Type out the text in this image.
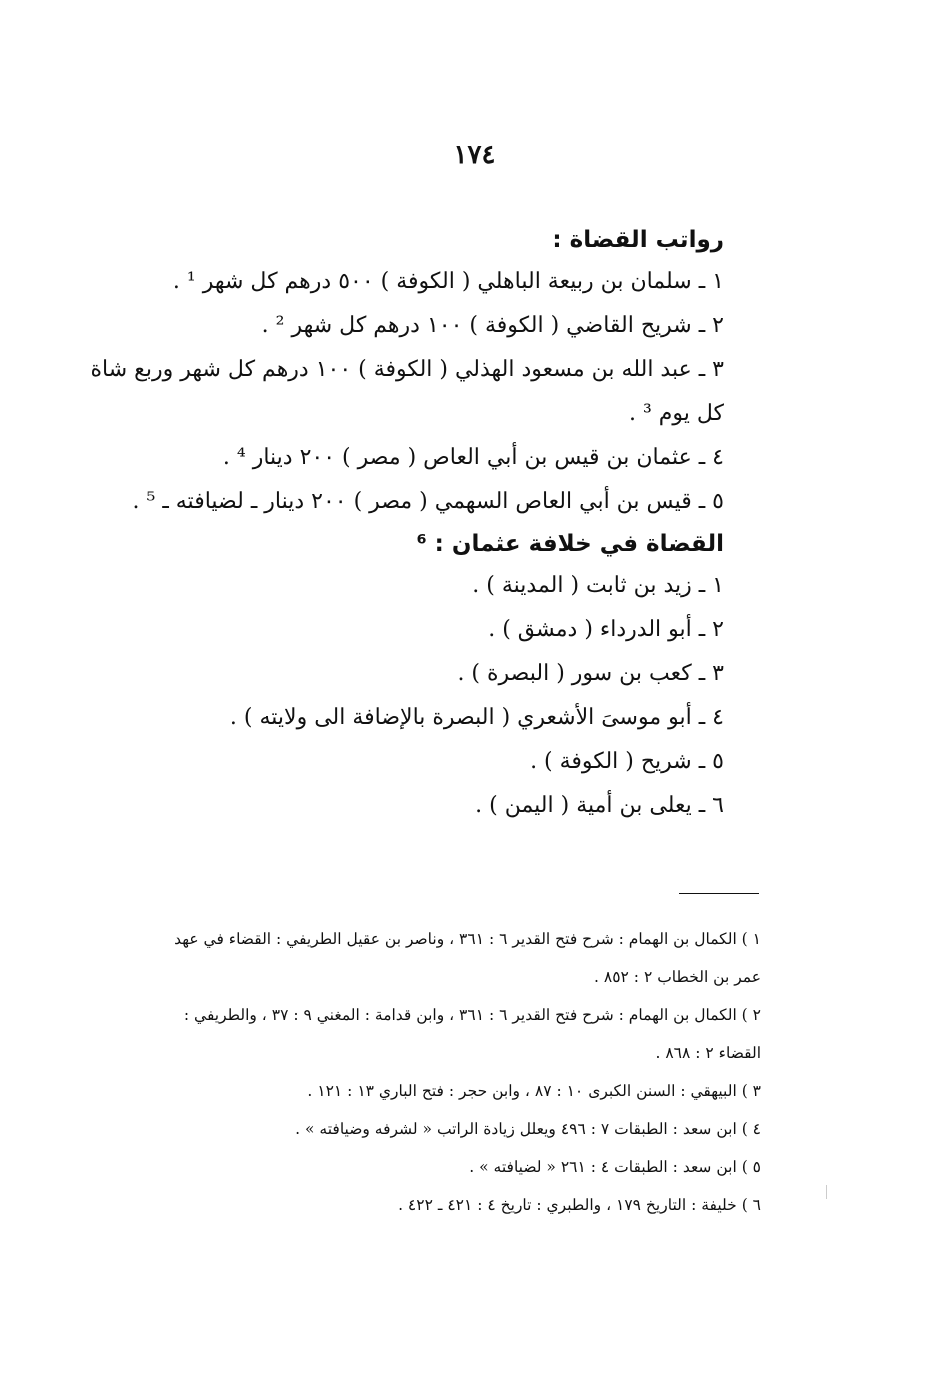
١٧٤
رواتب القضاة :
١ ـ سلمان بن ربيعة الباهلي ( الكوفة ) ٥٠٠ درهم كل شهر ¹ .
٢ ـ شريح القاضي ( الكوفة ) ١٠٠ درهم كل شهر ² .
٣ ـ عبد الله بن مسعود الهذلي ( الكوفة ) ١٠٠ درهم كل شهر وربع شاة
كل يوم ³ .
٤ ـ عثمان بن قيس بن أبي العاص ( مصر ) ٢٠٠ دينار ⁴ .
٥ ـ قيس بن أبي العاص السهمي ( مصر ) ٢٠٠ دينار ـ لضيافته ـ ⁵ .
القضاة في خلافة عثمان : ⁶
١ ـ زيد بن ثابت ( المدينة ) .
٢ ـ أبو الدرداء ( دمشق ) .
٣ ـ كعب بن سور ( البصرة ) .
٤ ـ أبو موسىَ الأشعري ( البصرة بالإضافة الى ولايته ) .
٥ ـ شريح ( الكوفة ) .
٦ ـ يعلى بن أمية ( اليمن ) .

١ ) الكمال بن الهمام : شرح فتح القدير ٦ : ٣٦١ ، وناصر بن عقيل الطريفي : القضاء في عهد

عمر بن الخطاب ٢ : ٨٥٢ .

٢ ) الكمال بن الهمام : شرح فتح القدير ٦ : ٣٦١ ، وابن قدامة : المغني ٩ : ٣٧ ، والطريفي :

القضاء ٢ : ٨٦٨ .

٣ ) البيهقي : السنن الكبرى ١٠ : ٨٧ ، وابن حجر : فتح الباري ١٣ : ١٢١ .

٤ ) ابن سعد : الطبقات ٧ : ٤٩٦ ويعلل زيادة الراتب « لشرفه وضيافته » .

٥ ) ابن سعد : الطبقات ٤ : ٢٦١ « لضيافته » .

٦ ) خليفة : التاريخ ١٧٩ ، والطبري : تاريخ ٤ : ٤٢١ ـ ٤٢٢ .
